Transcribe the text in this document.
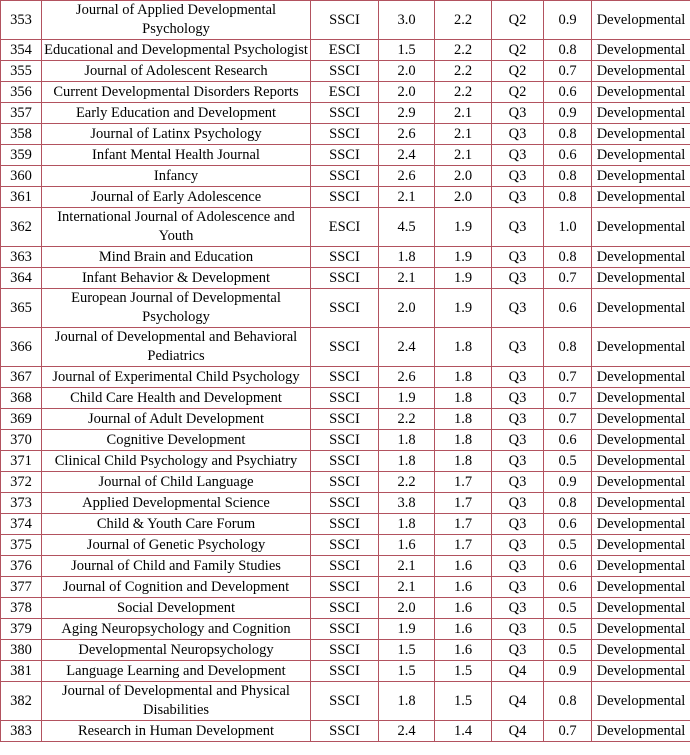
353	Journal of Applied Developmental Psychology	SSCI	3.0	2.2	Q2	0.9	Developmental
354	Educational and Developmental Psychologist	ESCI	1.5	2.2	Q2	0.8	Developmental
355	Journal of Adolescent Research	SSCI	2.0	2.2	Q2	0.7	Developmental
356	Current Developmental Disorders Reports	ESCI	2.0	2.2	Q2	0.6	Developmental
357	Early Education and Development	SSCI	2.9	2.1	Q3	0.9	Developmental
358	Journal of Latinx Psychology	SSCI	2.6	2.1	Q3	0.8	Developmental
359	Infant Mental Health Journal	SSCI	2.4	2.1	Q3	0.6	Developmental
360	Infancy	SSCI	2.6	2.0	Q3	0.8	Developmental
361	Journal of Early Adolescence	SSCI	2.1	2.0	Q3	0.8	Developmental
362	International Journal of Adolescence and Youth	ESCI	4.5	1.9	Q3	1.0	Developmental
363	Mind Brain and Education	SSCI	1.8	1.9	Q3	0.8	Developmental
364	Infant Behavior & Development	SSCI	2.1	1.9	Q3	0.7	Developmental
365	European Journal of Developmental Psychology	SSCI	2.0	1.9	Q3	0.6	Developmental
366	Journal of Developmental and Behavioral Pediatrics	SSCI	2.4	1.8	Q3	0.8	Developmental
367	Journal of Experimental Child Psychology	SSCI	2.6	1.8	Q3	0.7	Developmental
368	Child Care Health and Development	SSCI	1.9	1.8	Q3	0.7	Developmental
369	Journal of Adult Development	SSCI	2.2	1.8	Q3	0.7	Developmental
370	Cognitive Development	SSCI	1.8	1.8	Q3	0.6	Developmental
371	Clinical Child Psychology and Psychiatry	SSCI	1.8	1.8	Q3	0.5	Developmental
372	Journal of Child Language	SSCI	2.2	1.7	Q3	0.9	Developmental
373	Applied Developmental Science	SSCI	3.8	1.7	Q3	0.8	Developmental
374	Child & Youth Care Forum	SSCI	1.8	1.7	Q3	0.6	Developmental
375	Journal of Genetic Psychology	SSCI	1.6	1.7	Q3	0.5	Developmental
376	Journal of Child and Family Studies	SSCI	2.1	1.6	Q3	0.6	Developmental
377	Journal of Cognition and Development	SSCI	2.1	1.6	Q3	0.6	Developmental
378	Social Development	SSCI	2.0	1.6	Q3	0.5	Developmental
379	Aging Neuropsychology and Cognition	SSCI	1.9	1.6	Q3	0.5	Developmental
380	Developmental Neuropsychology	SSCI	1.5	1.6	Q3	0.5	Developmental
381	Language Learning and Development	SSCI	1.5	1.5	Q4	0.9	Developmental
382	Journal of Developmental and Physical Disabilities	SSCI	1.8	1.5	Q4	0.8	Developmental
383	Research in Human Development	SSCI	2.4	1.4	Q4	0.7	Developmental
